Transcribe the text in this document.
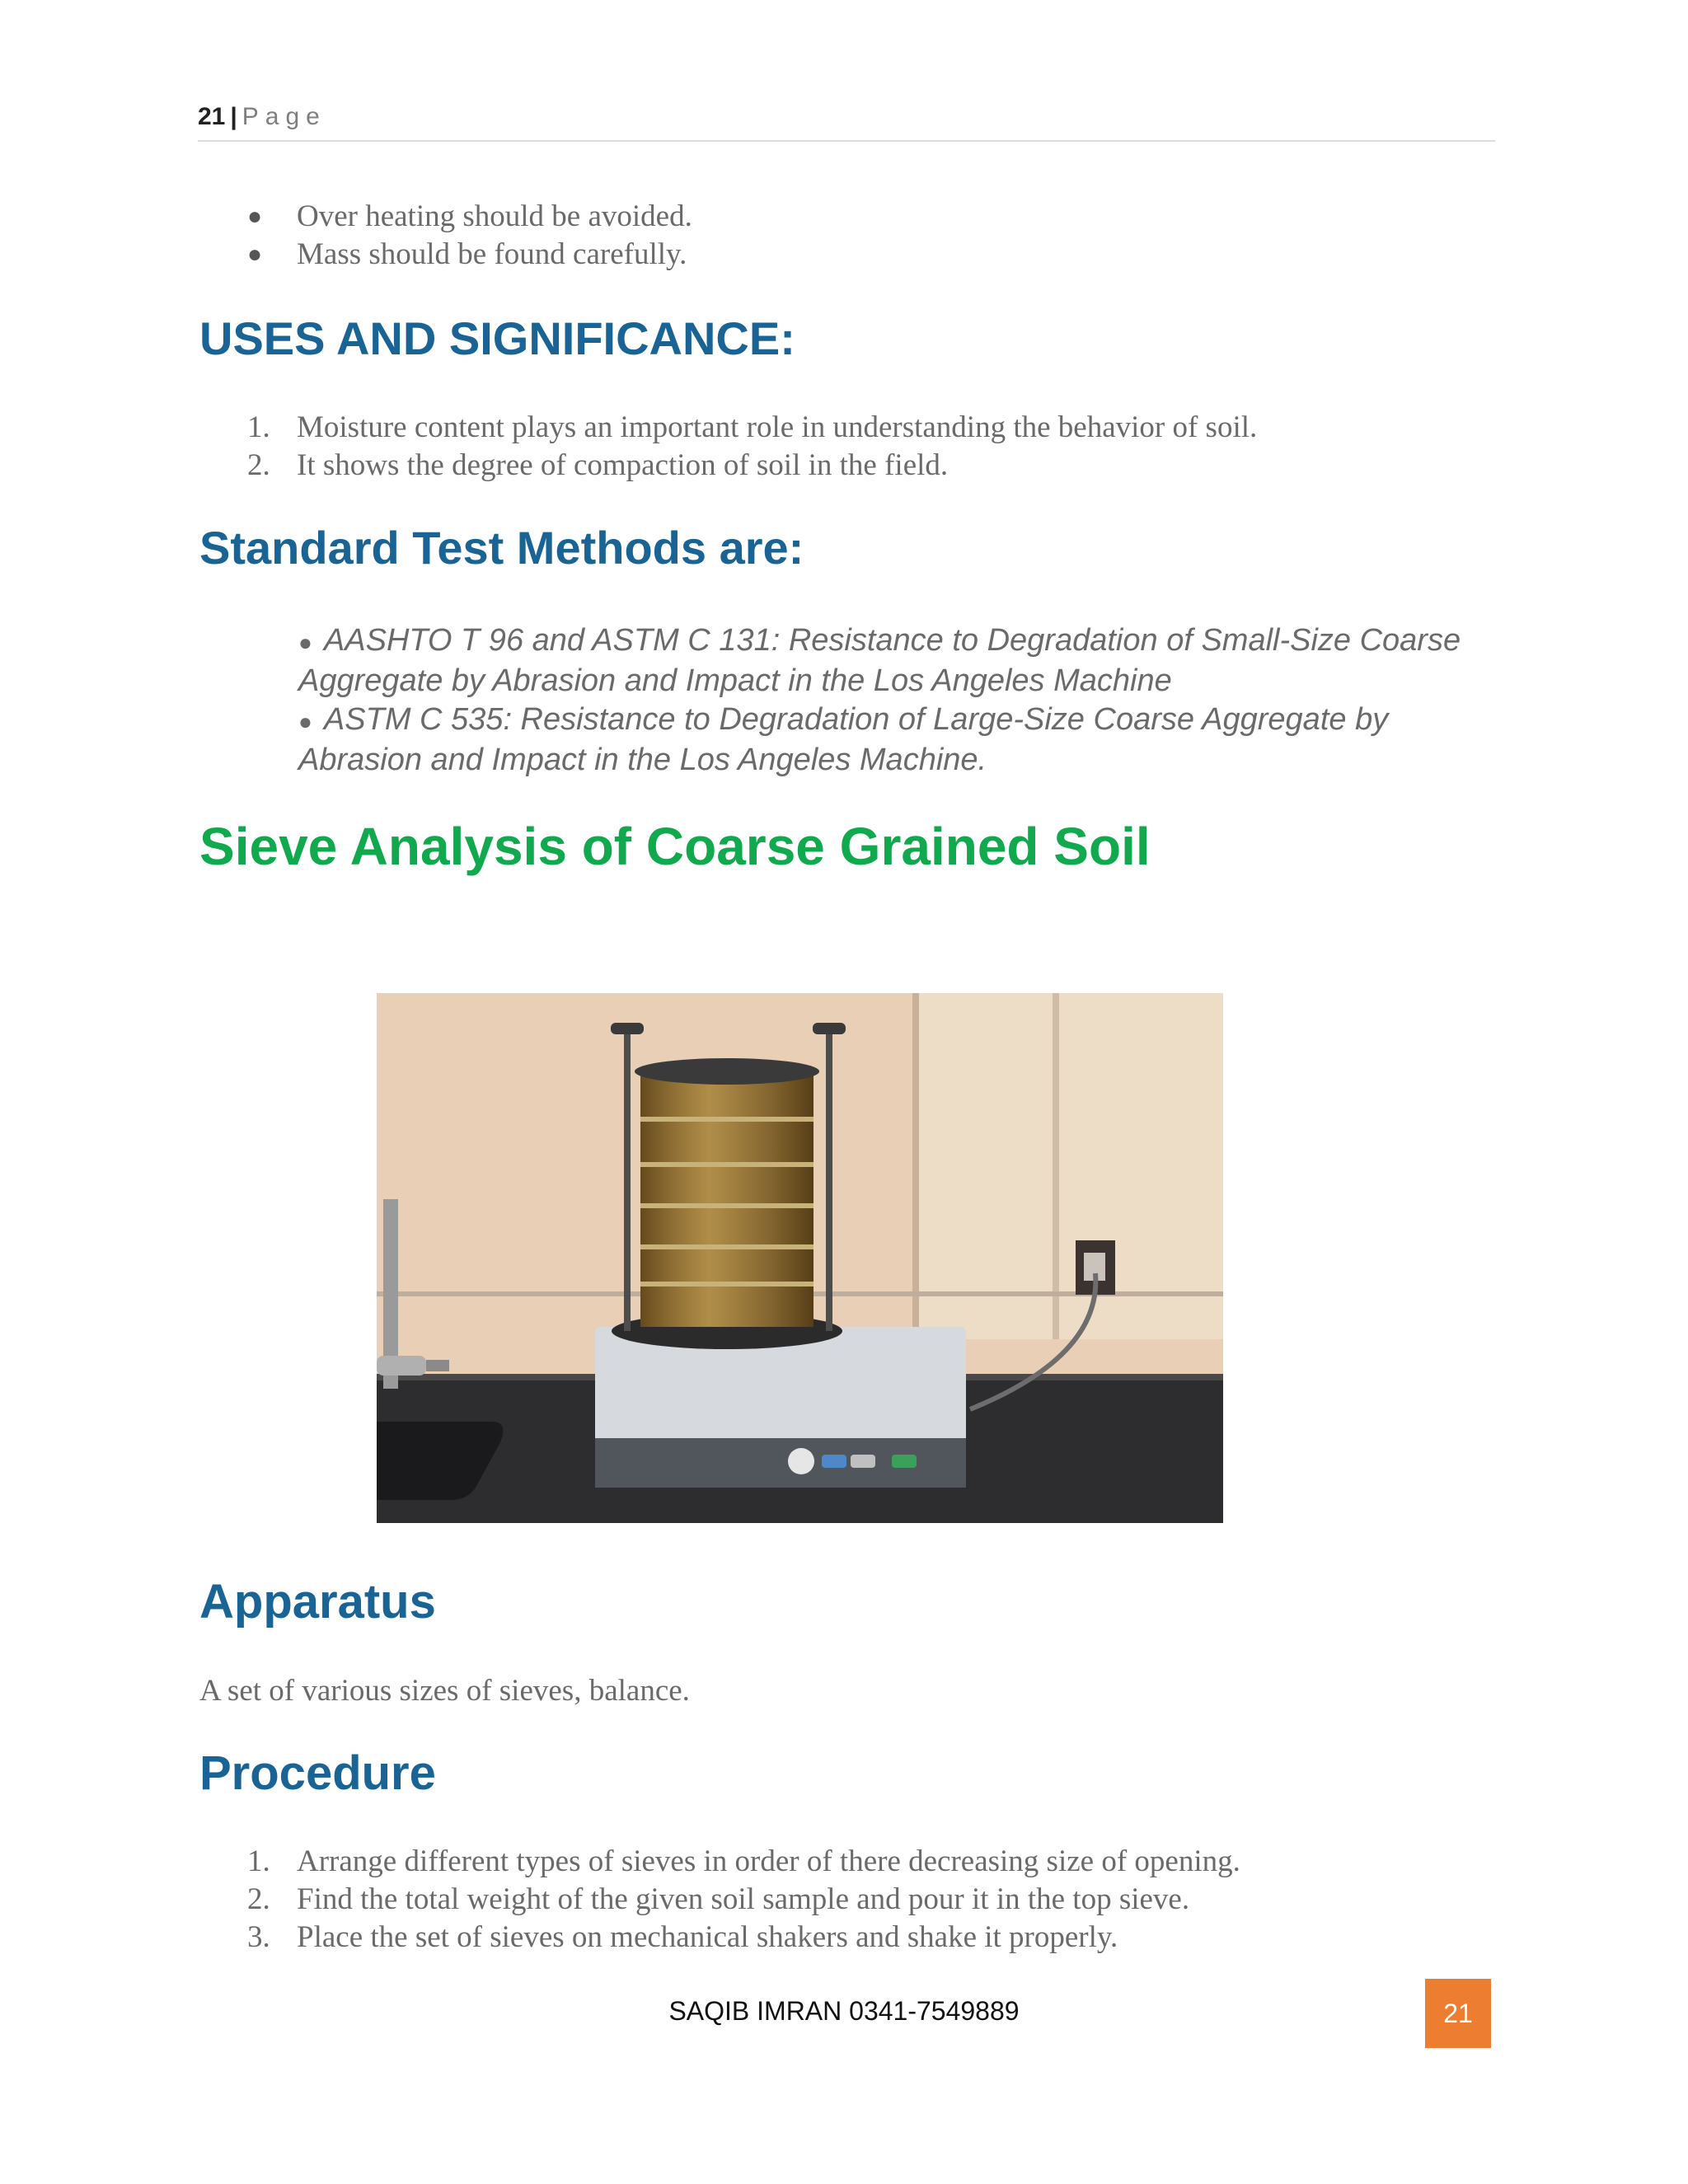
21 | Page
● Over heating should be avoided.
● Mass should be found carefully.
USES AND SIGNIFICANCE:
1. Moisture content plays an important role in understanding the behavior of soil.
2. It shows the degree of compaction of soil in the field.
Standard Test Methods are:
● AASHTO T 96 and ASTM C 131: Resistance to Degradation of Small-Size Coarse Aggregate by Abrasion and Impact in the Los Angeles Machine
● ASTM C 535: Resistance to Degradation of Large-Size Coarse Aggregate by Abrasion and Impact in the Los Angeles Machine.
Sieve Analysis of Coarse Grained Soil
Apparatus

A set of various sizes of sieves, balance.

Procedure
1. Arrange different types of sieves in order of there decreasing size of opening.
2. Find the total weight of the given soil sample and pour it in the top sieve.
3. Place the set of sieves on mechanical shakers and shake it properly.
SAQIB IMRAN 0341-7549889	21
